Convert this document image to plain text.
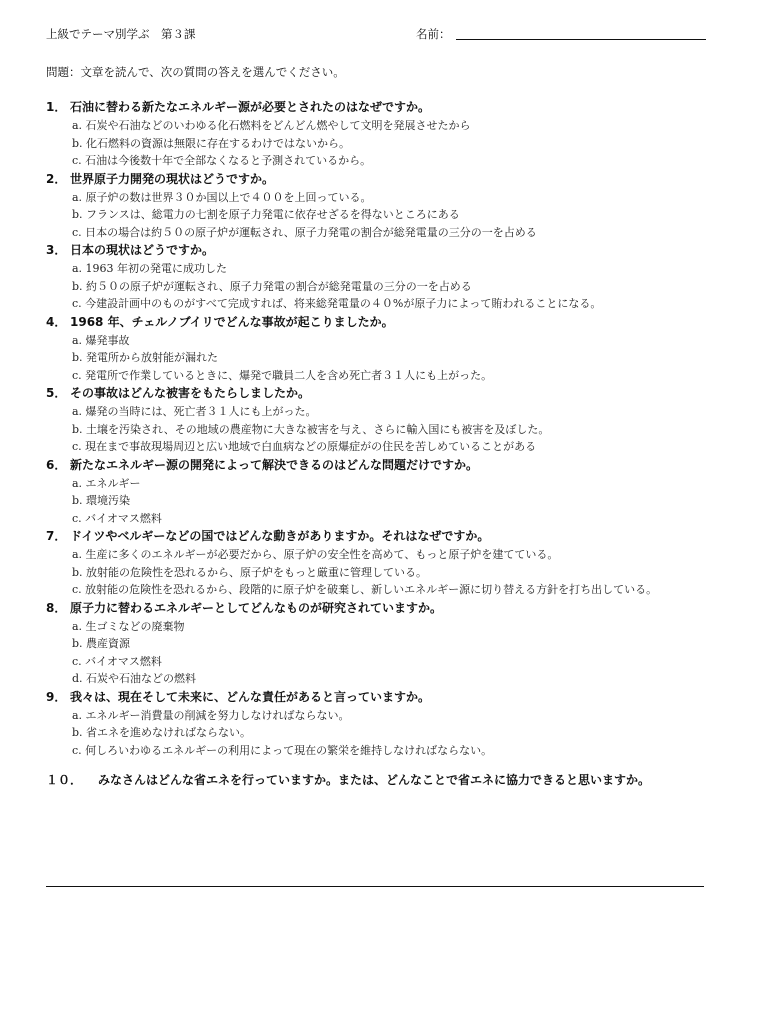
上級でテーマ別学ぶ　第３課	名前：
問題：文章を読んで、次の質問の答えを選んでください。
1． 石油に替わる新たなエネルギー源が必要とされたのはなぜですか。
a. 石炭や石油などのいわゆる化石燃料をどんどん燃やして文明を発展させたから
b. 化石燃料の資源は無限に存在するわけではないから。
c. 石油は今後数十年で全部なくなると予測されているから。
2． 世界原子力開発の現状はどうですか。
a. 原子炉の数は世界３０か国以上で４００を上回っている。
b. フランスは、総電力の七割を原子力発電に依存せざるを得ないところにある
c. 日本の場合は約５０の原子炉が運転され、原子力発電の割合が総発電量の三分の一を占める
3． 日本の現状はどうですか。
a. 1963 年初の発電に成功した
b. 約５０の原子炉が運転され、原子力発電の割合が総発電量の三分の一を占める
c. 今建設計画中のものがすべて完成すれば、将来総発電量の４０%が原子力によって賄われることになる。
4． 1968 年、チェルノブイリでどんな事故が起こりましたか。
a. 爆発事故
b. 発電所から放射能が漏れた
c. 発電所で作業しているときに、爆発で職員二人を含め死亡者３１人にも上がった。
5． その事故はどんな被害をもたらしましたか。
a. 爆発の当時には、死亡者３１人にも上がった。
b. 土壌を汚染され、その地域の農産物に大きな被害を与え、さらに輸入国にも被害を及ぼした。
c. 現在まで事故現場周辺と広い地域で白血病などの原爆症がの住民を苦しめていることがある
6． 新たなエネルギー源の開発によって解決できるのはどんな問題だけですか。
a. エネルギー
b. 環境汚染
c. バイオマス燃料
7． ドイツやベルギーなどの国ではどんな動きがありますか。それはなぜですか。
a. 生産に多くのエネルギーが必要だから、原子炉の安全性を高めて、もっと原子炉を建てている。
b. 放射能の危険性を恐れるから、原子炉をもっと厳重に管理している。
c. 放射能の危険性を恐れるから、段階的に原子炉を破棄し、新しいエネルギー源に切り替える方針を打ち出している。
8． 原子力に替わるエネルギーとしてどんなものが研究されていますか。
a. 生ゴミなどの廃棄物
b. 農産資源
c. バイオマス燃料
d. 石炭や石油などの燃料
9． 我々は、現在そして未来に、どんな責任があると言っていますか。
a. エネルギー消費量の削減を努力しなければならない。
b. 省エネを進めなければならない。
c. 何しろいわゆるエネルギーの利用によって現在の繁栄を維持しなければならない。
１０． みなさんはどんな省エネを行っていますか。または、どんなことで省エネに協力できると思いますか。
